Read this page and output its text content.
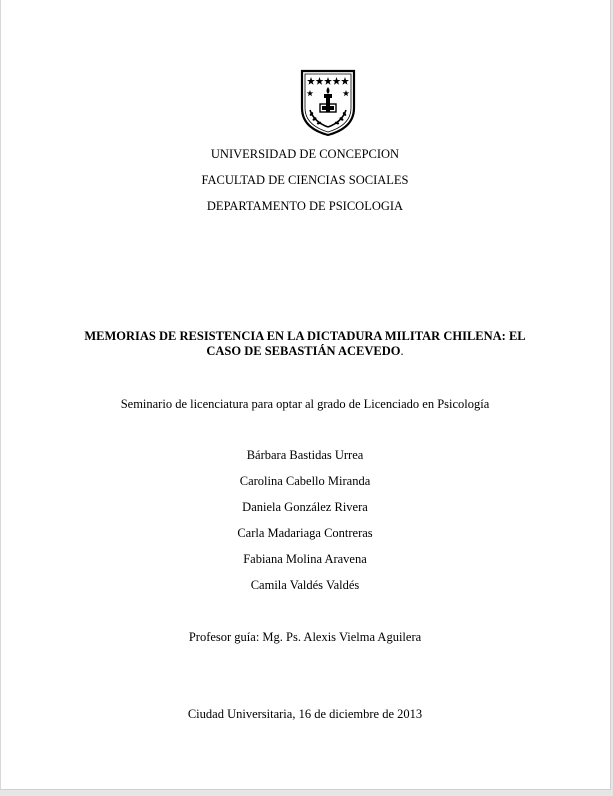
UNIVERSIDAD DE CONCEPCION
FACULTAD DE CIENCIAS SOCIALES
DEPARTAMENTO DE PSICOLOGIA
MEMORIAS DE RESISTENCIA EN LA DICTADURA MILITAR CHILENA: EL
CASO DE SEBASTIÁN ACEVEDO.
Seminario de licenciatura para optar al grado de Licenciado en Psicología
Bárbara Bastidas Urrea
Carolina Cabello Miranda
Daniela González Rivera
Carla Madariaga Contreras
Fabiana Molina Aravena
Camila Valdés Valdés
Profesor guía: Mg. Ps. Alexis Vielma Aguilera
Ciudad Universitaria, 16 de diciembre de 2013
